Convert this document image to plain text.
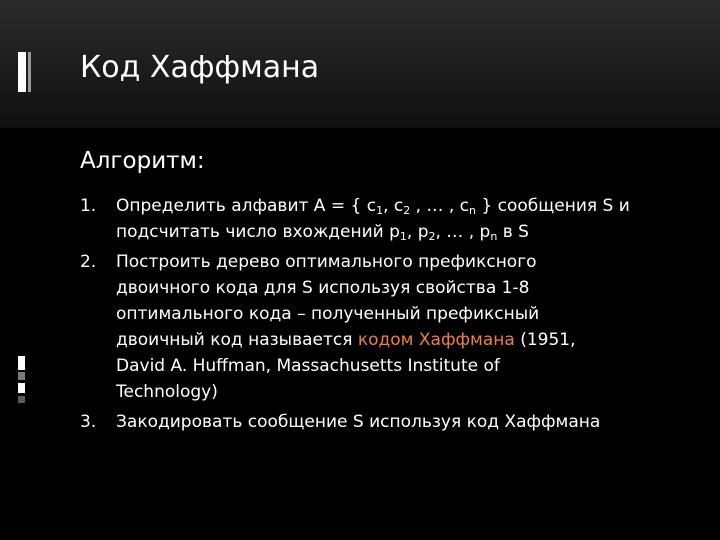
Код Хаффмана
Алгоритм:
1. Определить алфавит A = { $c_1$, $c_2$ , … , $c_n$ } сообщения S и
подсчитать число вхождений $p_1$, $p_2$, … , $p_n$ в S
2. Построить дерево оптимального префиксного
двоичного кода для S используя свойства 1-8
оптимального кода – полученный префиксный
двоичный код называется кодом Хаффмана (1951,
David A. Huffman, Massachusetts Institute of
Technology)
3. Закодировать сообщение S используя код Хаффмана
